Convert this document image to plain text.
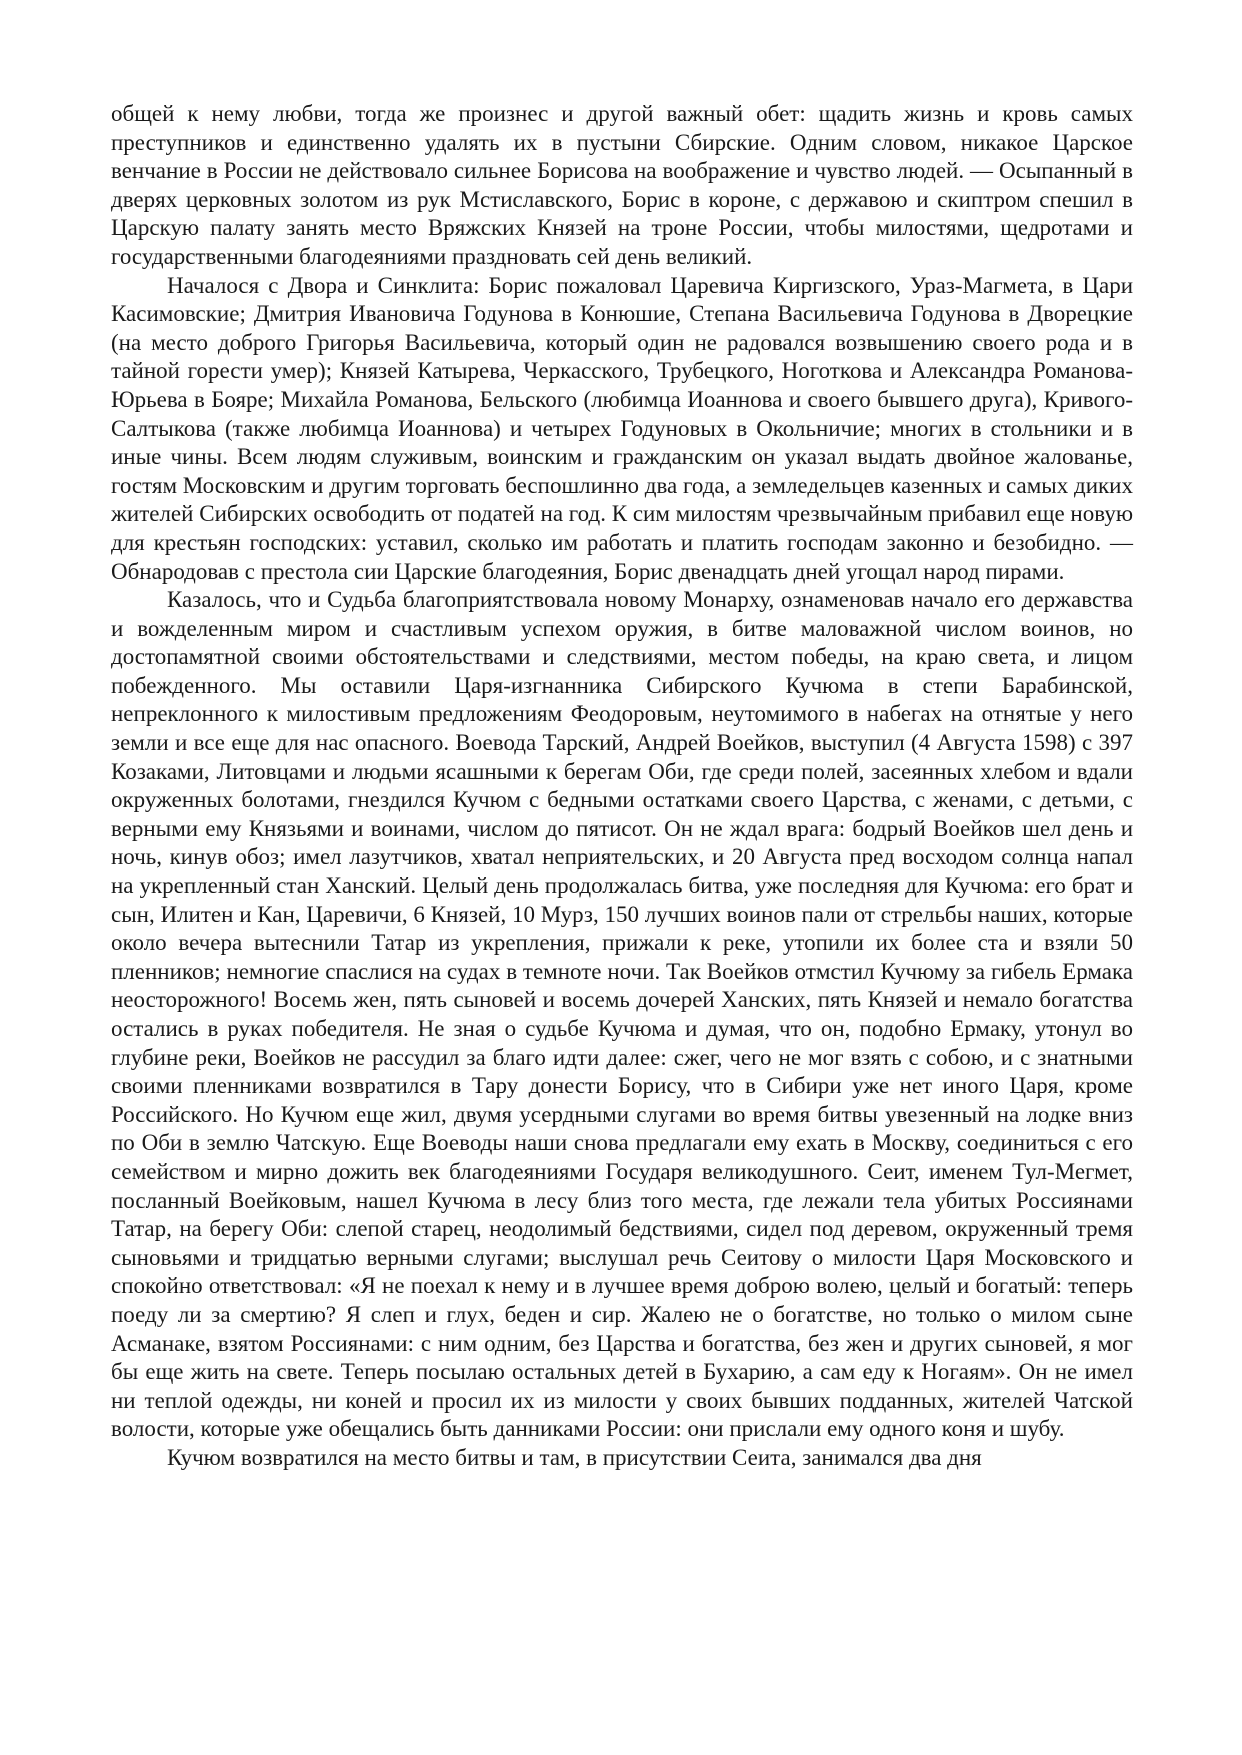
общей к нему любви, тогда же произнес и другой важный обет: щадить жизнь и кровь самых преступников и единственно удалять их в пустыни Сбирские. Одним словом, никакое Царское венчание в России не действовало сильнее Борисова на воображение и чувство людей. — Осыпанный в дверях церковных золотом из рук Мстиславского, Борис в короне, с державою и скиптром спешил в Царскую палату занять место Вряжских Князей на троне России, чтобы милостями, щедротами и государственными благодеяниями праздновать сей день великий.

Началося с Двора и Синклита: Борис пожаловал Царевича Киргизского, Ураз-Магмета, в Цари Касимовские; Дмитрия Ивановича Годунова в Конюшие, Степана Васильевича Годунова в Дворецкие (на место доброго Григорья Васильевича, который один не радовался возвышению своего рода и в тайной горести умер); Князей Катырева, Черкасского, Трубецкого, Ноготкова и Александра Романова-Юрьева в Бояре; Михайла Романова, Бельского (любимца Иоаннова и своего бывшего друга), Кривого-Салтыкова (также любимца Иоаннова) и четырех Годуновых в Окольничие; многих в стольники и в иные чины. Всем людям служивым, воинским и гражданским он указал выдать двойное жалованье, гостям Московским и другим торговать беспошлинно два года, а земледельцев казенных и самых диких жителей Сибирских освободить от податей на год. К сим милостям чрезвычайным прибавил еще новую для крестьян господских: уставил, сколько им работать и платить господам законно и безобидно. — Обнародовав с престола сии Царские благодеяния, Борис двенадцать дней угощал народ пирами.

Казалось, что и Судьба благоприятствовала новому Монарху, ознаменовав начало его державства и вожделенным миром и счастливым успехом оружия, в битве маловажной числом воинов, но достопамятной своими обстоятельствами и следствиями, местом победы, на краю света, и лицом побежденного. Мы оставили Царя-изгнанника Сибирского Кучюма в степи Барабинской, непреклонного к милостивым предложениям Феодоровым, неутомимого в набегах на отнятые у него земли и все еще для нас опасного. Воевода Тарский, Андрей Воейков, выступил (4 Августа 1598) с 397 Козаками, Литовцами и людьми ясашными к берегам Оби, где среди полей, засеянных хлебом и вдали окруженных болотами, гнездился Кучюм с бедными остатками своего Царства, с женами, с детьми, с верными ему Князьями и воинами, числом до пятисот. Он не ждал врага: бодрый Воейков шел день и ночь, кинув обоз; имел лазутчиков, хватал неприятельских, и 20 Августа пред восходом солнца напал на укрепленный стан Ханский. Целый день продолжалась битва, уже последняя для Кучюма: его брат и сын, Илитен и Кан, Царевичи, 6 Князей, 10 Мурз, 150 лучших воинов пали от стрельбы наших, которые около вечера вытеснили Татар из укрепления, прижали к реке, утопили их более ста и взяли 50 пленников; немногие спаслися на судах в темноте ночи. Так Воейков отмстил Кучюму за гибель Ермака неосторожного! Восемь жен, пять сыновей и восемь дочерей Ханских, пять Князей и немало богатства остались в руках победителя. Не зная о судьбе Кучюма и думая, что он, подобно Ермаку, утонул во глубине реки, Воейков не рассудил за благо идти далее: сжег, чего не мог взять с собою, и с знатными своими пленниками возвратился в Тару донести Борису, что в Сибири уже нет иного Царя, кроме Российского. Но Кучюм еще жил, двумя усердными слугами во время битвы увезенный на лодке вниз по Оби в землю Чатскую. Еще Воеводы наши снова предлагали ему ехать в Москву, соединиться с его семейством и мирно дожить век благодеяниями Государя великодушного. Сеит, именем Тул-Мегмет, посланный Воейковым, нашел Кучюма в лесу близ того места, где лежали тела убитых Россиянами Татар, на берегу Оби: слепой старец, неодолимый бедствиями, сидел под деревом, окруженный тремя сыновьями и тридцатью верными слугами; выслушал речь Сеитову о милости Царя Московского и спокойно ответствовал: «Я не поехал к нему и в лучшее время доброю волею, целый и богатый: теперь поеду ли за смертию? Я слеп и глух, беден и сир. Жалею не о богатстве, но только о милом сыне Асманаке, взятом Россиянами: с ним одним, без Царства и богатства, без жен и других сыновей, я мог бы еще жить на свете. Теперь посылаю остальных детей в Бухарию, а сам еду к Ногаям». Он не имел ни теплой одежды, ни коней и просил их из милости у своих бывших подданных, жителей Чатской волости, которые уже обещались быть данниками России: они прислали ему одного коня и шубу.

Кучюм возвратился на место битвы и там, в присутствии Сеита, занимался два дня
